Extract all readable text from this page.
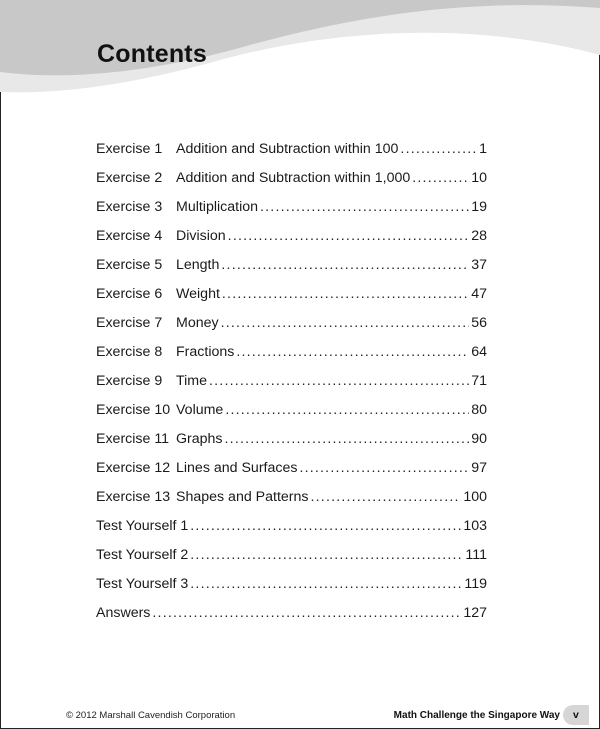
Contents
Exercise 1 Addition and Subtraction within 100 .....	1
Exercise 2 Addition and Subtraction within 1,000 .....	10
Exercise 3 Multiplication .....	19
Exercise 4 Division .....	28
Exercise 5 Length .....	37
Exercise 6 Weight .....	47
Exercise 7 Money .....	56
Exercise 8 Fractions .....	64
Exercise 9 Time .....	71
Exercise 10 Volume .....	80
Exercise 11 Graphs .....	90
Exercise 12 Lines and Surfaces .....	97
Exercise 13 Shapes and Patterns .....	100
Test Yourself 1 .....	103
Test Yourself 2 .....	111
Test Yourself 3 .....	119
Answers .....	127
© 2012 Marshall Cavendish Corporation	Math Challenge the Singapore Way v
